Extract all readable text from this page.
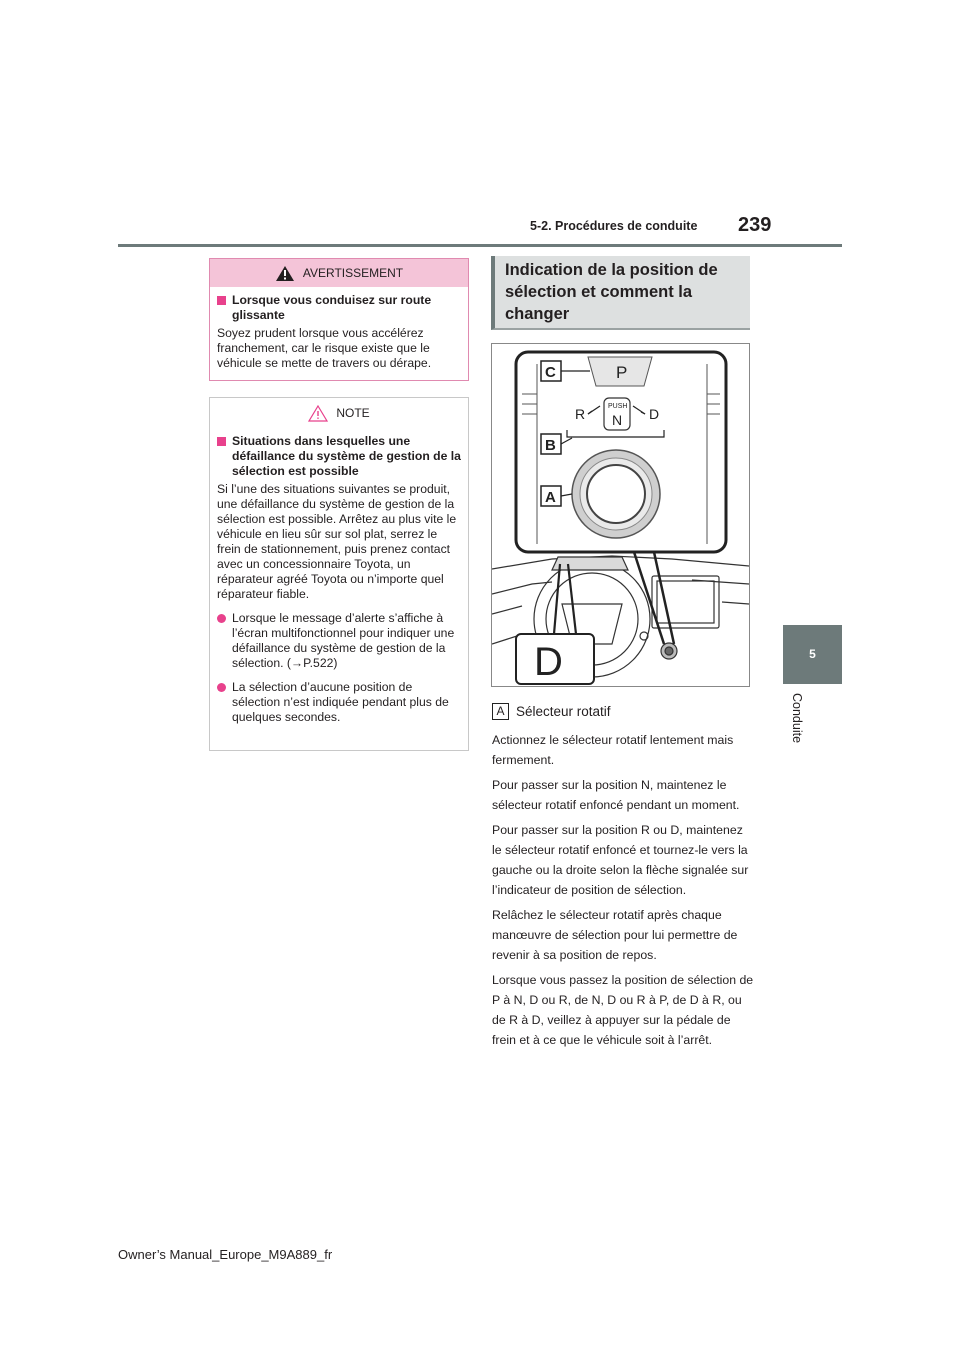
5-2. Procédures de conduite 239
5
Conduite
AVERTISSEMENT
Lorsque vous conduisez sur route glissante
Soyez prudent lorsque vous accélérez franchement, car le risque existe que le véhicule se mette de travers ou dérape.
NOTE
Situations dans lesquelles une défaillance du système de gestion de la sélection est possible
Si l’une des situations suivantes se produit, une défaillance du système de gestion de la sélection est possible. Arrêtez au plus vite le véhicule en lieu sûr sur sol plat, serrez le frein de stationnement, puis prenez contact avec un concessionnaire Toyota, un réparateur agréé Toyota ou n’importe quel réparateur fiable.
Lorsque le message d’alerte s’affiche à l’écran multifonctionnel pour indiquer une défaillance du système de gestion de la sélection. (→P.522)
La sélection d’aucune position de sélection n’est indiquée pendant plus de quelques secondes.
Indication de la position de sélection et comment la changer
P
PUSH
N
R	D
C
B
A
D
A Sélecteur rotatif

Actionnez le sélecteur rotatif lentement mais fermement.

Pour passer sur la position N, maintenez le sélecteur rotatif enfoncé pendant un moment.

Pour passer sur la position R ou D, maintenez le sélecteur rotatif enfoncé et tournez-le vers la gauche ou la droite selon la flèche signalée sur l’indicateur de position de sélection.

Relâchez le sélecteur rotatif après chaque manœuvre de sélection pour lui permettre de revenir à sa position de repos.

Lorsque vous passez la position de sélection de P à N, D ou R, de N, D ou R à P, de D à R, ou de R à D, veillez à appuyer sur la pédale de frein et à ce que le véhicule soit à l’arrêt.

Owner’s Manual_Europe_M9A889_fr
